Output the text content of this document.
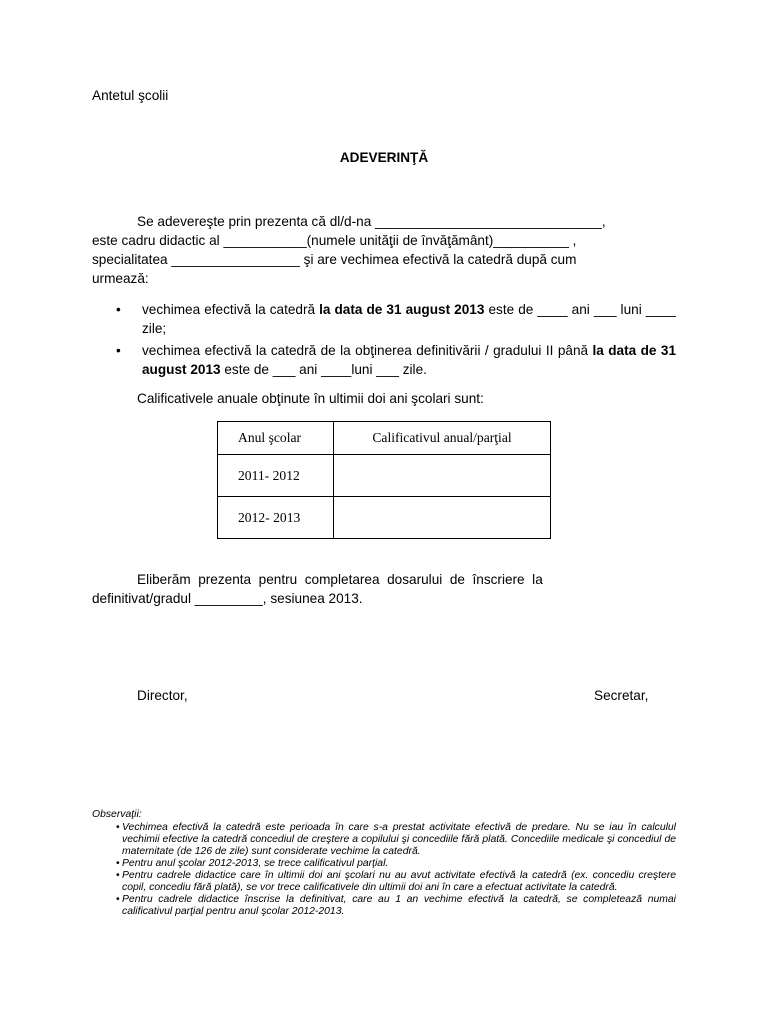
Antetul şcolii
ADEVERINŢĂ
Se adevereşte prin prezenta că dl/d-na ______________________________,
este cadru didactic al ___________(numele unităţii de învăţământ)__________ ,
specialitatea _________________ şi are vechimea efectivă la catedră după cum
urmează:
• vechimea efectivă la catedră la data de 31 august 2013 este de ____ ani ___ luni ____ zile;
• vechimea efectivă la catedră de la obţinerea definitivării / gradului II până la data de 31 august 2013 este de ___ ani ____luni ___ zile.
Calificativele anuale obţinute în ultimii doi ani şcolari sunt:
Anul şcolar	Calificativul anual/parţial
2011- 2012	
2012- 2013	
Eliberăm  prezenta  pentru  completarea  dosarului  de  înscriere  la
definitivat/gradul _________, sesiunea 2013.
Director,	Secretar,
Observaţii:
• Vechimea efectivă la catedră este perioada în care s-a prestat activitate efectivă de predare. Nu se iau în calculul vechimii efective la catedră concediul de creştere a copilului şi concediile fără plată. Concediile medicale şi concediul de maternitate (de 126 de zile) sunt considerate vechime la catedră.
• Pentru anul şcolar 2012-2013, se trece calificativul parţial.
• Pentru cadrele didactice care în ultimii doi ani şcolari nu au avut activitate efectivă la catedră (ex. concediu creştere copil, concediu fără plată), se vor trece calificativele din ultimii doi ani în care a efectuat activitate la catedră.
• Pentru cadrele didactice înscrise la definitivat, care au 1 an vechime efectivă la catedră, se completează numai calificativul parţial pentru anul şcolar 2012-2013.
